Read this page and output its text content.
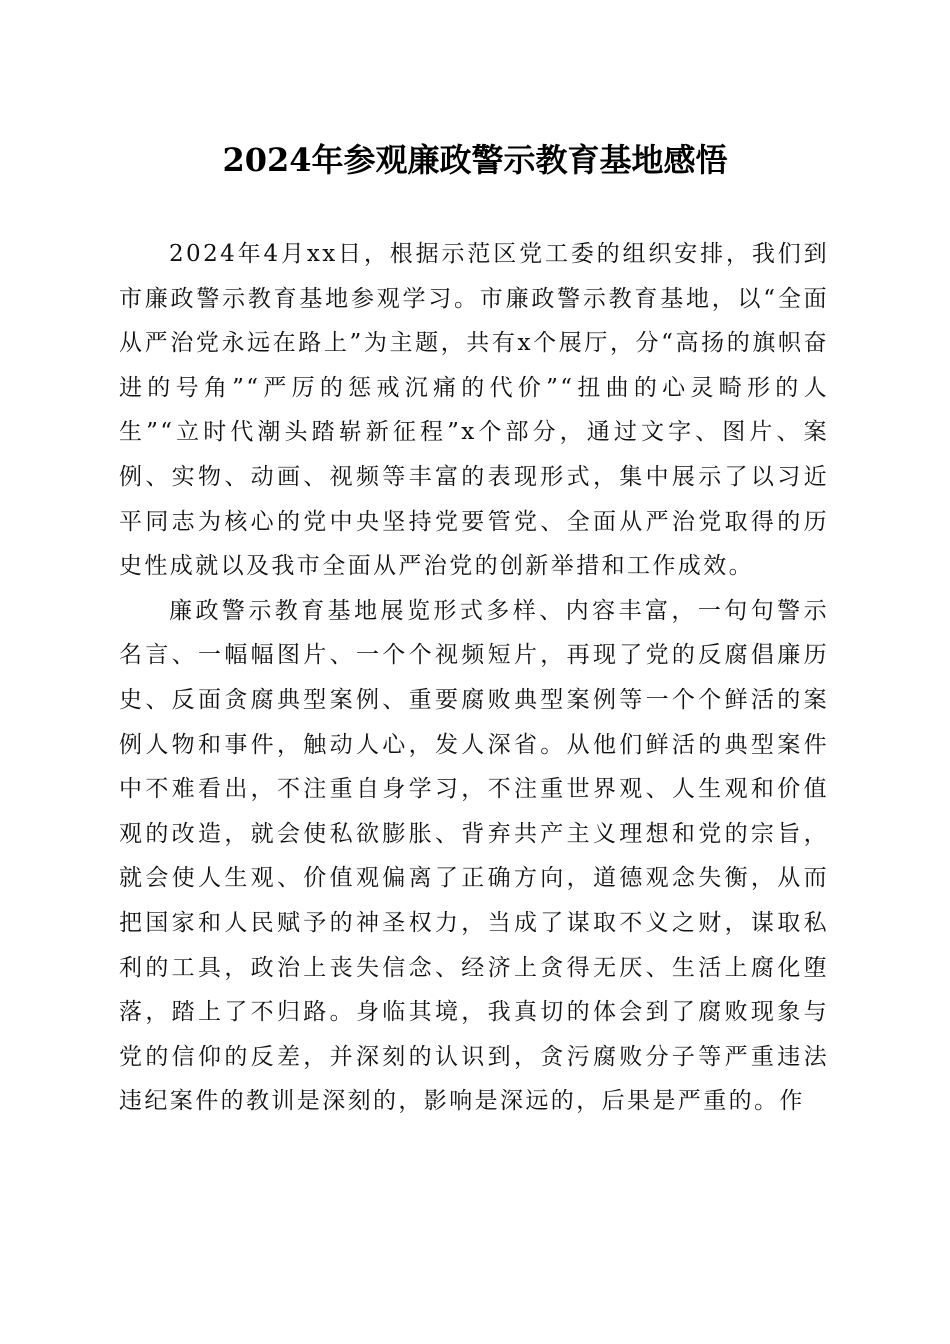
2024年参观廉政警示教育基地感悟

2024年4月xx日，根据示范区党工委的组织安排，我们到市廉政警示教育基地参观学习。市廉政警示教育基地，以“全面从严治党永远在路上”为主题，共有x个展厅，分“高扬的旗帜奋进的号角”“严厉的惩戒沉痛的代价”“扭曲的心灵畸形的人生”“立时代潮头踏崭新征程”x个部分，通过文字、图片、案例、实物、动画、视频等丰富的表现形式，集中展示了以习近平同志为核心的党中央坚持党要管党、全面从严治党取得的历史性成就以及我市全面从严治党的创新举措和工作成效。

廉政警示教育基地展览形式多样、内容丰富，一句句警示名言、一幅幅图片、一个个视频短片，再现了党的反腐倡廉历史、反面贪腐典型案例、重要腐败典型案例等一个个鲜活的案例人物和事件，触动人心，发人深省。从他们鲜活的典型案件中不难看出，不注重自身学习，不注重世界观、人生观和价值观的改造，就会使私欲膨胀、背弃共产主义理想和党的宗旨，就会使人生观、价值观偏离了正确方向，道德观念失衡，从而把国家和人民赋予的神圣权力，当成了谋取不义之财，谋取私利的工具，政治上丧失信念、经济上贪得无厌、生活上腐化堕落，踏上了不归路。身临其境，我真切的体会到了腐败现象与党的信仰的反差，并深刻的认识到，贪污腐败分子等严重违法违纪案件的教训是深刻的，影响是深远的，后果是严重的。作
